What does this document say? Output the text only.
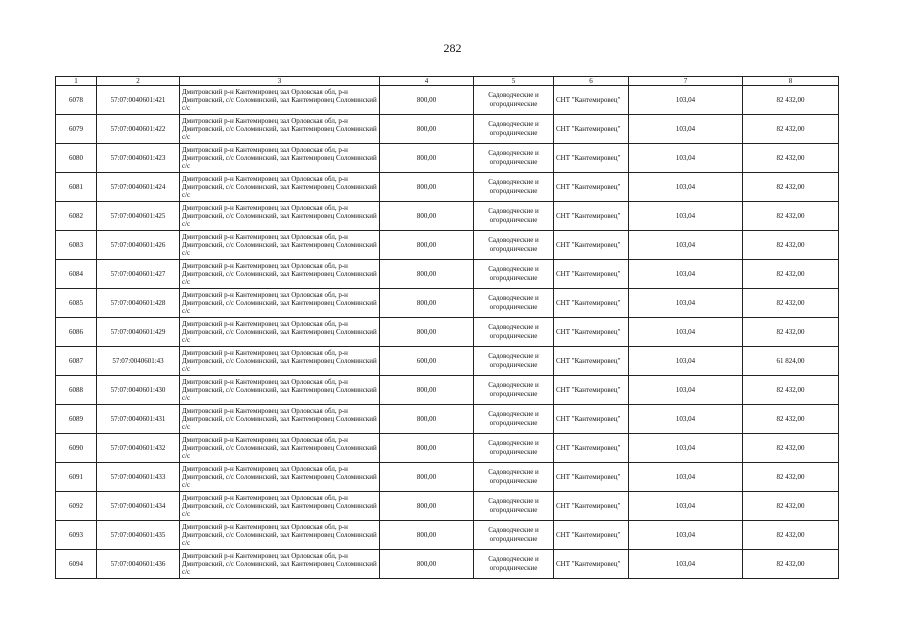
282
1	2	3	4	5	6	7	8
6078	57:07:0040601:421	Дмитровский р-н Кантемировец зал Орловская обл, р-н Дмитровский, с/с Соломинский, зал Кантемировец Соломинский с/с	800,00	Садоводческие и огороднические	СНТ "Кантемировец"	103,04	82 432,00
6079	57:07:0040601:422	Дмитровский р-н Кантемировец зал Орловская обл, р-н Дмитровский, с/с Соломинский, зал Кантемировец Соломинский с/с	800,00	Садоводческие и огороднические	СНТ "Кантемировец"	103,04	82 432,00
6080	57:07:0040601:423	Дмитровский р-н Кантемировец зал Орловская обл, р-н Дмитровский, с/с Соломинский, зал Кантемировец Соломинский с/с	800,00	Садоводческие и огороднические	СНТ "Кантемировец"	103,04	82 432,00
6081	57:07:0040601:424	Дмитровский р-н Кантемировец зал Орловская обл, р-н Дмитровский, с/с Соломинский, зал Кантемировец Соломинский с/с	800,00	Садоводческие и огороднические	СНТ "Кантемировец"	103,04	82 432,00
6082	57:07:0040601:425	Дмитровский р-н Кантемировец зал Орловская обл, р-н Дмитровский, с/с Соломинский, зал Кантемировец Соломинский с/с	800,00	Садоводческие и огороднические	СНТ "Кантемировец"	103,04	82 432,00
6083	57:07:0040601:426	Дмитровский р-н Кантемировец зал Орловская обл, р-н Дмитровский, с/с Соломинский, зал Кантемировец Соломинский с/с	800,00	Садоводческие и огороднические	СНТ "Кантемировец"	103,04	82 432,00
6084	57:07:0040601:427	Дмитровский р-н Кантемировец зал Орловская обл, р-н Дмитровский, с/с Соломинский, зал Кантемировец Соломинский с/с	800,00	Садоводческие и огороднические	СНТ "Кантемировец"	103,04	82 432,00
6085	57:07:0040601:428	Дмитровский р-н Кантемировец зал Орловская обл, р-н Дмитровский, с/с Соломинский, зал Кантемировец Соломинский с/с	800,00	Садоводческие и огороднические	СНТ "Кантемировец"	103,04	82 432,00
6086	57:07:0040601:429	Дмитровский р-н Кантемировец зал Орловская обл, р-н Дмитровский, с/с Соломинский, зал Кантемировец Соломинский с/с	800,00	Садоводческие и огороднические	СНТ "Кантемировец"	103,04	82 432,00
6087	57:07:0040601:43	Дмитровский р-н Кантемировец зал Орловская обл, р-н Дмитровский, с/с Соломинский, зал Кантемировец Соломинский с/с	600,00	Садоводческие и огороднические	СНТ "Кантемировец"	103,04	61 824,00
6088	57:07:0040601:430	Дмитровский р-н Кантемировец зал Орловская обл, р-н Дмитровский, с/с Соломинский, зал Кантемировец Соломинский с/с	800,00	Садоводческие и огороднические	СНТ "Кантемировец"	103,04	82 432,00
6089	57:07:0040601:431	Дмитровский р-н Кантемировец зал Орловская обл, р-н Дмитровский, с/с Соломинский, зал Кантемировец Соломинский с/с	800,00	Садоводческие и огороднические	СНТ "Кантемировец"	103,04	82 432,00
6090	57:07:0040601:432	Дмитровский р-н Кантемировец зал Орловская обл, р-н Дмитровский, с/с Соломинский, зал Кантемировец Соломинский с/с	800,00	Садоводческие и огороднические	СНТ "Кантемировец"	103,04	82 432,00
6091	57:07:0040601:433	Дмитровский р-н Кантемировец зал Орловская обл, р-н Дмитровский, с/с Соломинский, зал Кантемировец Соломинский с/с	800,00	Садоводческие и огороднические	СНТ "Кантемировец"	103,04	82 432,00
6092	57:07:0040601:434	Дмитровский р-н Кантемировец зал Орловская обл, р-н Дмитровский, с/с Соломинский, зал Кантемировец Соломинский с/с	800,00	Садоводческие и огороднические	СНТ "Кантемировец"	103,04	82 432,00
6093	57:07:0040601:435	Дмитровский р-н Кантемировец зал Орловская обл, р-н Дмитровский, с/с Соломинский, зал Кантемировец Соломинский с/с	800,00	Садоводческие и огороднические	СНТ "Кантемировец"	103,04	82 432,00
6094	57:07:0040601:436	Дмитровский р-н Кантемировец зал Орловская обл, р-н Дмитровский, с/с Соломинский, зал Кантемировец Соломинский с/с	800,00	Садоводческие и огороднические	СНТ "Кантемировец"	103,04	82 432,00
